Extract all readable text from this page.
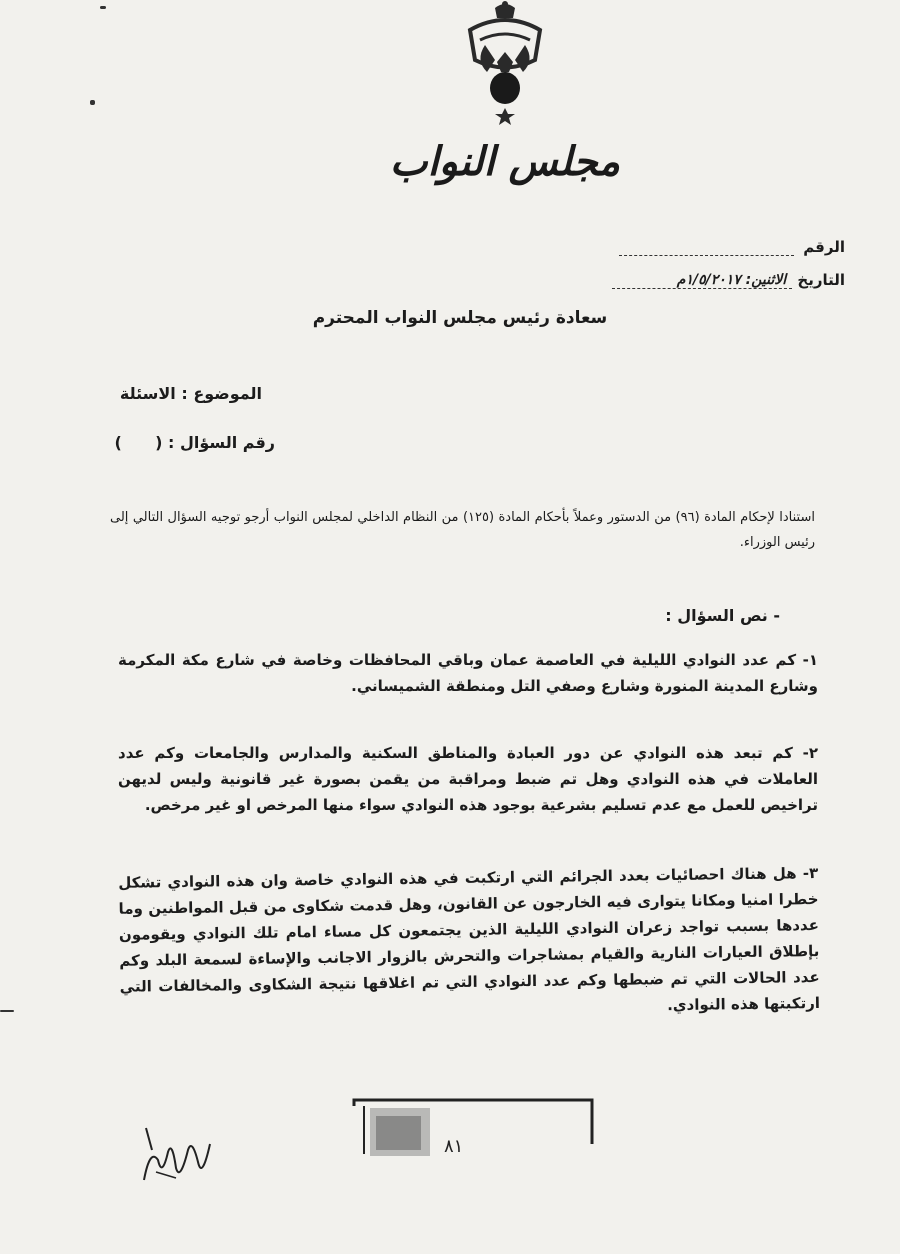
مجلس النواب
الرقم
التاريخ الاثنين: ١/٥/٢٠١٧م
سعادة رئيس مجلس النواب المحترم
الموضوع : الاسئلة
رقم السؤال : (      )
استنادا لإحكام المادة (٩٦) من الدستور وعملاً بأحكام المادة (١٢٥) من النظام الداخلي لمجلس النواب أرجو توجيه السؤال التالي إلى رئيس الوزراء.
- نص السؤال :
١- كم عدد النوادي الليلية في العاصمة عمان وباقي المحافظات وخاصة في شارع مكة المكرمة وشارع المدينة المنورة وشارع وصفي التل ومنطقة الشميساني.
٢- كم تبعد هذه النوادي عن دور العبادة والمناطق السكنية والمدارس والجامعات وكم عدد العاملات في هذه النوادي وهل تم ضبط ومراقبة من يقمن بصورة غير قانونية وليس لديهن تراخيص للعمل مع عدم تسليم بشرعية بوجود هذه النوادي سواء منها المرخص او غير مرخص.
٣- هل هناك احصائيات بعدد الجرائم التي ارتكبت في هذه النوادي خاصة وان هذه النوادي تشكل خطرا امنيا ومكانا يتوارى فيه الخارجون عن القانون، وهل قدمت شكاوى من قبل المواطنين وما عددها بسبب تواجد زعران النوادي الليلية الذين يجتمعون كل مساء امام تلك النوادي ويقومون بإطلاق العيارات النارية والقيام بمشاجرات والتحرش بالزوار الاجانب والإساءة لسمعة البلد وكم عدد الحالات التي تم ضبطها وكم عدد النوادي التي تم اغلاقها نتيجة الشكاوى والمخالفات التي ارتكبتها هذه النوادي.
٨١
